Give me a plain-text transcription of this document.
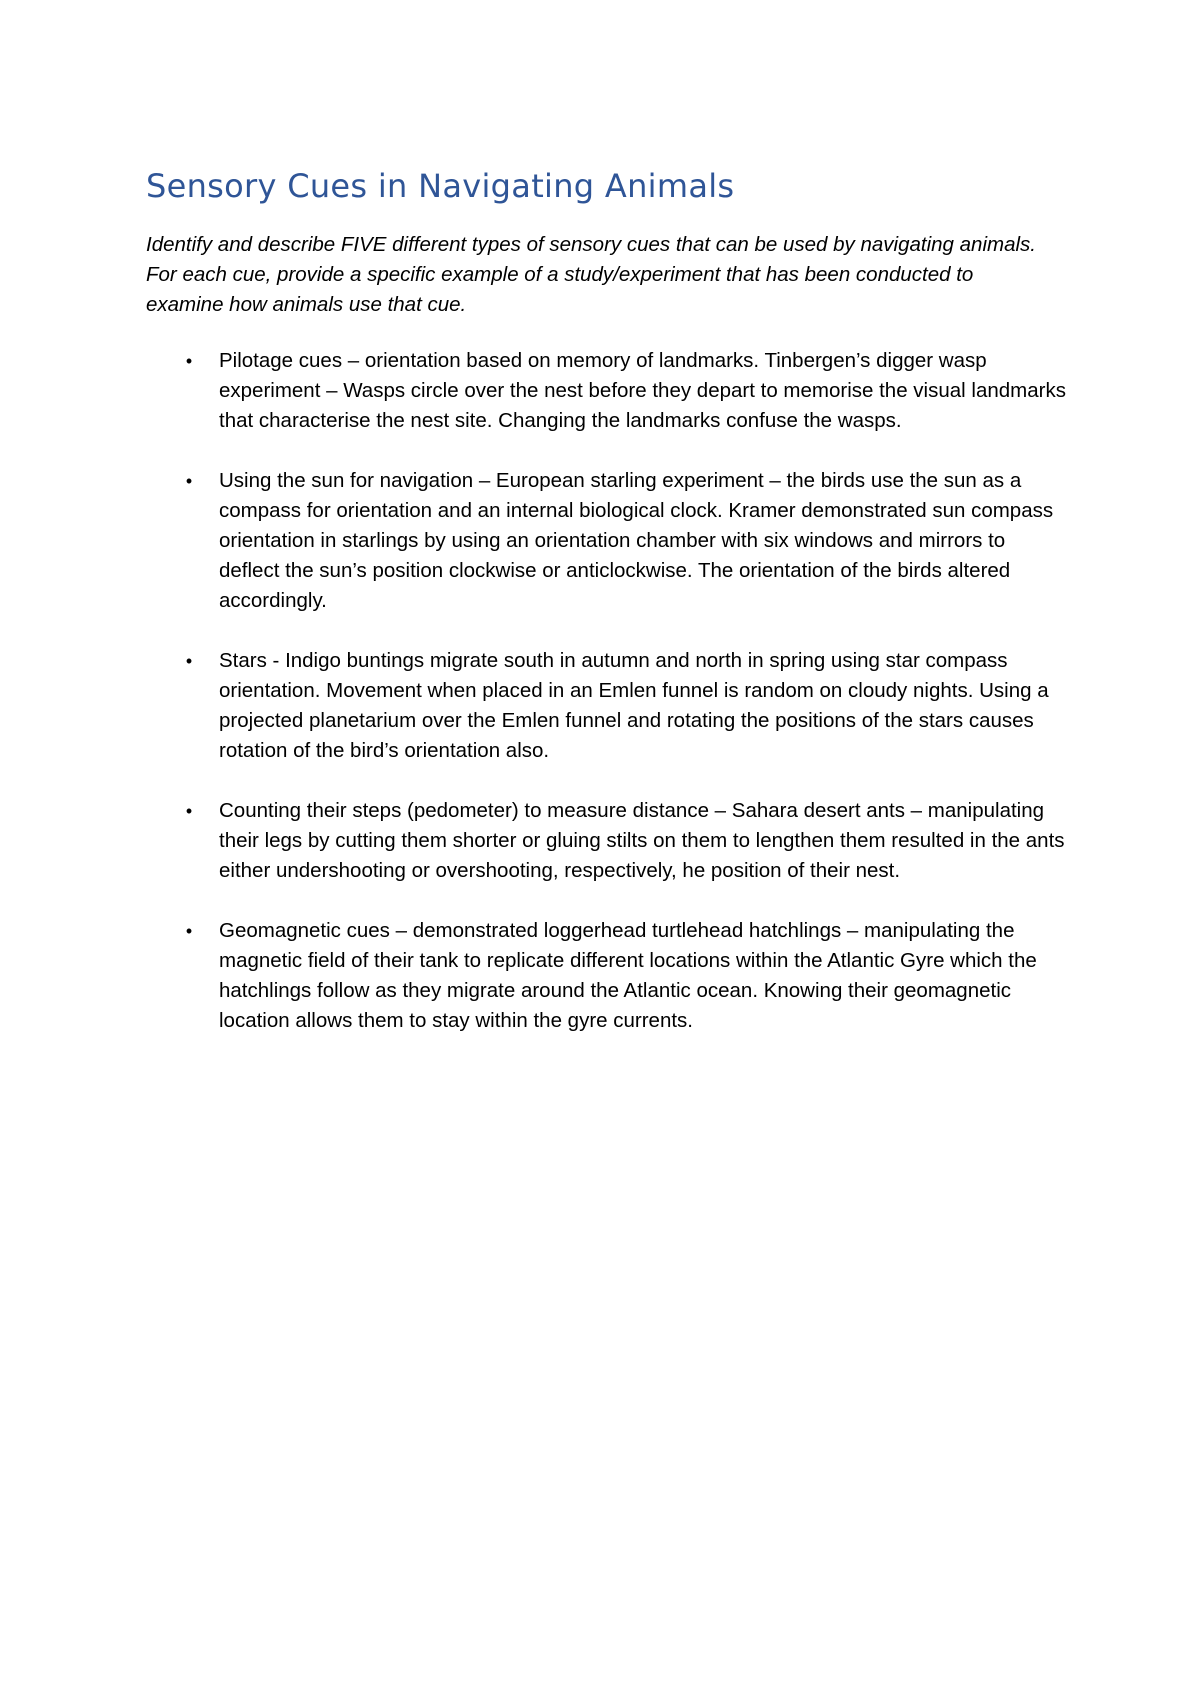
Sensory Cues in Navigating Animals

Identify and describe FIVE different types of sensory cues that can be used by navigating animals. For each cue, provide a specific example of a study/experiment that has been conducted to examine how animals use that cue.

• Pilotage cues – orientation based on memory of landmarks. Tinbergen’s digger wasp experiment – Wasps circle over the nest before they depart to memorise the visual landmarks that characterise the nest site. Changing the landmarks confuse the wasps.
• Using the sun for navigation – European starling experiment – the birds use the sun as a compass for orientation and an internal biological clock. Kramer demonstrated sun compass orientation in starlings by using an orientation chamber with six windows and mirrors to deflect the sun’s position clockwise or anticlockwise. The orientation of the birds altered accordingly.
• Stars - Indigo buntings migrate south in autumn and north in spring using star compass orientation. Movement when placed in an Emlen funnel is random on cloudy nights. Using a projected planetarium over the Emlen funnel and rotating the positions of the stars causes rotation of the bird’s orientation also.
• Counting their steps (pedometer) to measure distance – Sahara desert ants – manipulating their legs by cutting them shorter or gluing stilts on them to lengthen them resulted in the ants either undershooting or overshooting, respectively, he position of their nest.
• Geomagnetic cues – demonstrated loggerhead turtlehead hatchlings – manipulating the magnetic field of their tank to replicate different locations within the Atlantic Gyre which the hatchlings follow as they migrate around the Atlantic ocean. Knowing their geomagnetic location allows them to stay within the gyre currents.
